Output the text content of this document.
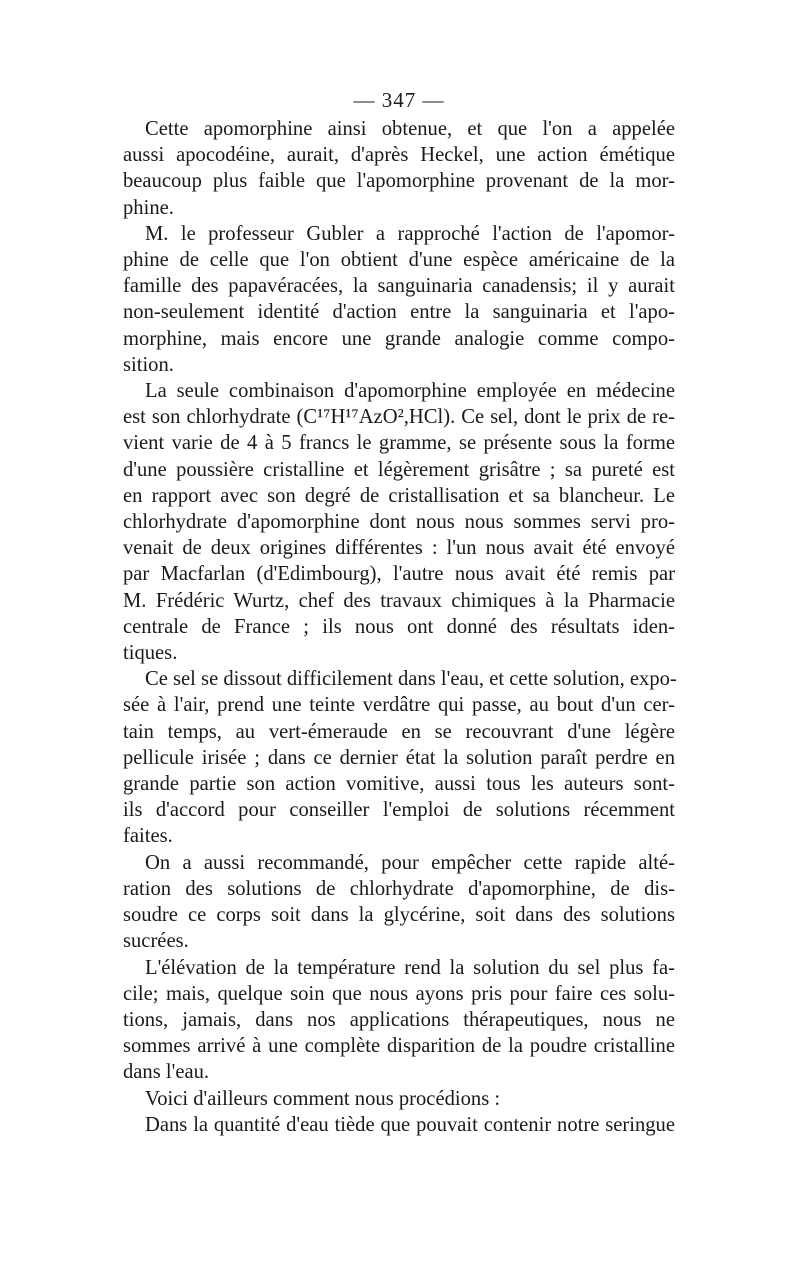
— 347 —
Cette apomorphine ainsi obtenue, et que l'on a appelée
aussi apocodéine, aurait, d'après Heckel, une action émétique
beaucoup plus faible que l'apomorphine provenant de la mor-
phine.
M. le professeur Gubler a rapproché l'action de l'apomor-
phine de celle que l'on obtient d'une espèce américaine de la
famille des papavéracées, la sanguinaria canadensis; il y aurait
non-seulement identité d'action entre la sanguinaria et l'apo-
morphine, mais encore une grande analogie comme compo-
sition.
La seule combinaison d'apomorphine employée en médecine
est son chlorhydrate (C¹⁷H¹⁷AzO²,HCl). Ce sel, dont le prix de re-
vient varie de 4 à 5 francs le gramme, se présente sous la forme
d'une poussière cristalline et légèrement grisâtre ; sa pureté est
en rapport avec son degré de cristallisation et sa blancheur. Le
chlorhydrate d'apomorphine dont nous nous sommes servi pro-
venait de deux origines différentes : l'un nous avait été envoyé
par Macfarlan (d'Edimbourg), l'autre nous avait été remis par
M. Frédéric Wurtz, chef des travaux chimiques à la Pharmacie
centrale de France ; ils nous ont donné des résultats iden-
tiques.
Ce sel se dissout difficilement dans l'eau, et cette solution, expo-
sée à l'air, prend une teinte verdâtre qui passe, au bout d'un cer-
tain temps, au vert-émeraude en se recouvrant d'une légère
pellicule irisée ; dans ce dernier état la solution paraît perdre en
grande partie son action vomitive, aussi tous les auteurs sont-
ils d'accord pour conseiller l'emploi de solutions récemment
faites.
On a aussi recommandé, pour empêcher cette rapide alté-
ration des solutions de chlorhydrate d'apomorphine, de dis-
soudre ce corps soit dans la glycérine, soit dans des solutions
sucrées.
L'élévation de la température rend la solution du sel plus fa-
cile; mais, quelque soin que nous ayons pris pour faire ces solu-
tions, jamais, dans nos applications thérapeutiques, nous ne
sommes arrivé à une complète disparition de la poudre cristalline
dans l'eau.
Voici d'ailleurs comment nous procédions :
Dans la quantité d'eau tiède que pouvait contenir notre seringue
